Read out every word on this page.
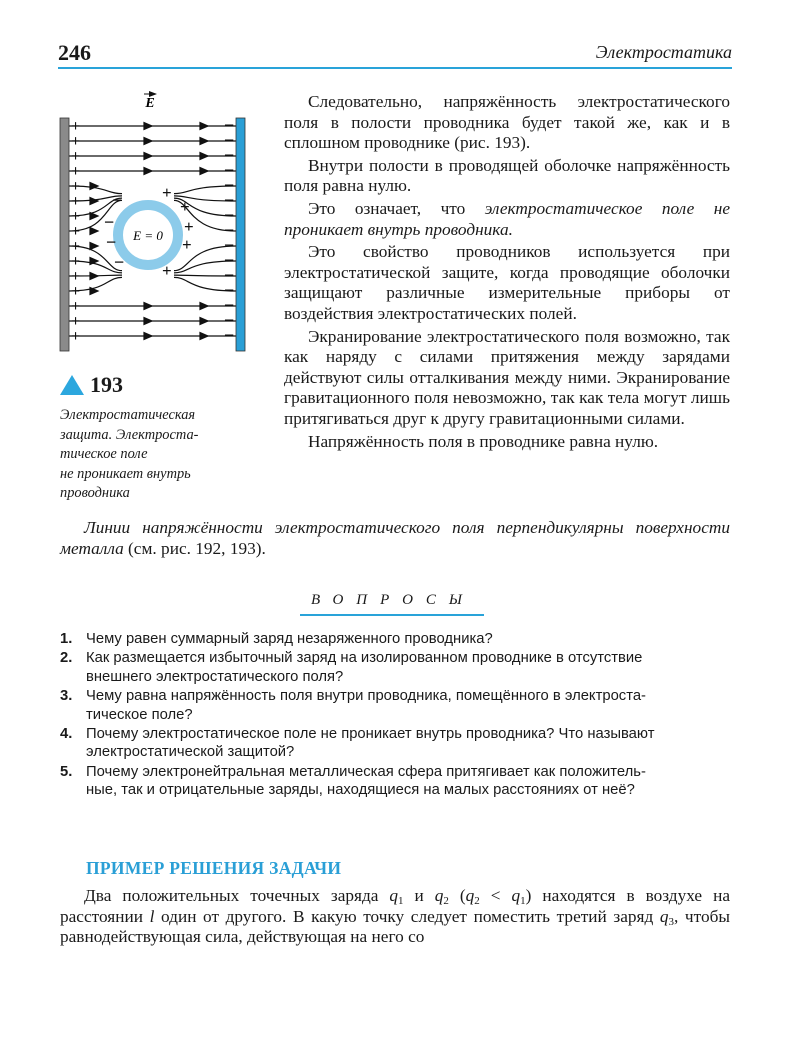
246	Электростатика
+
+
+
+
+
+
+
+
+
+
+
+
+
+
+
−
−
−
−
−
−
−
−
−
−
−
−
−
−
−
−
−
−
−
+
+
+
+
+
E = 0
E
193
Электростатическая
защита. Электроста-
тическое поле
не проникает внутрь
проводника

Следовательно, напряжённость электростатического поля в полости проводника будет такой же, как и в сплошном проводнике (рис. 193).

Внутри полости в проводящей оболочке напряжённость поля равна нулю.

Это означает, что электростатическое поле не проникает внутрь проводника.

Это свойство проводников используется при электростатической защите, когда проводящие оболочки защищают различные измерительные приборы от воздействия электростатических полей.

Экранирование электростатического поля возможно, так как наряду с силами притяжения между зарядами действуют силы отталкивания между ними. Экранирование гравитационного поля невозможно, так как тела могут лишь притягиваться друг к другу гравитационными силами.

Напряжённость поля в проводнике равна нулю.

Линии напряжённости электростатического поля перпендикулярны поверхности металла (см. рис. 192, 193).

ВОПРОСЫ
1. Чему равен суммарный заряд незаряженного проводника?
2. Как размещается избыточный заряд на изолированном проводнике в отсутствие
внешнего электростатического поля?
3. Чему равна напряжённость поля внутри проводника, помещённого в электроста-
тическое поле?
4. Почему электростатическое поле не проникает внутрь проводника? Что называют
электростатической защитой?
5. Почему электронейтральная металлическая сфера притягивает как положитель-
ные, так и отрицательные заряды, находящиеся на малых расстояниях от неё?
ПРИМЕР РЕШЕНИЯ ЗАДАЧИ

Два положительных точечных заряда $q_1$ и $q_2$ $(q_2 < q_1)$ находятся в воздухе на расстоянии l один от другого. В какую точку следует поместить третий заряд $q_3$, чтобы равнодействующая сила, действующая на него со
